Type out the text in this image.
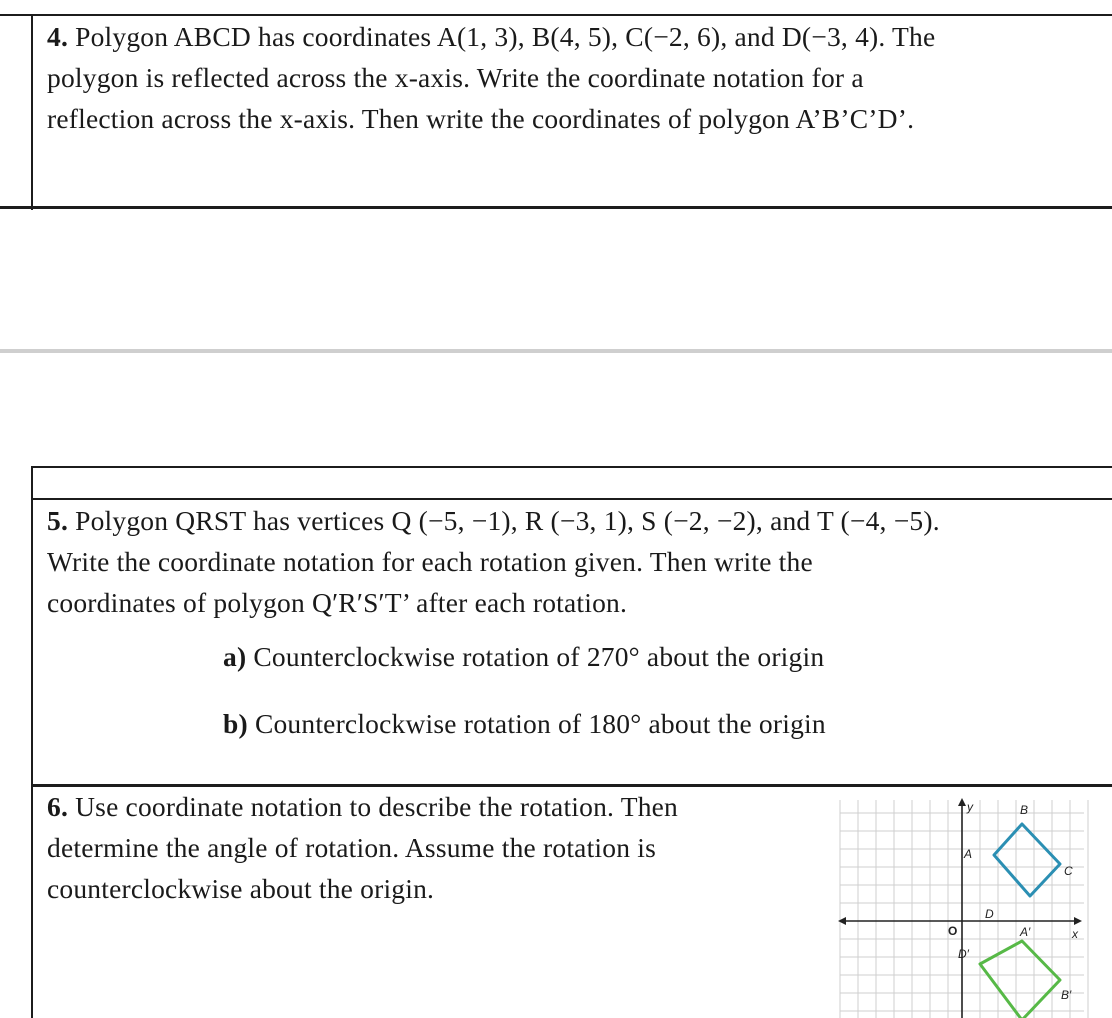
4. Polygon ABCD has coordinates A(1, 3), B(4, 5), C(−2, 6), and D(−3, 4). The
polygon is reflected across the x-axis. Write the coordinate notation for a
reflection across the x-axis. Then write the coordinates of polygon A’B’C’D’.

5. Polygon QRST has vertices Q (−5, −1), R (−3, 1), S (−2, −2), and T (−4, −5).
Write the coordinate notation for each rotation given. Then write the
coordinates of polygon Q′R′S′T’ after each rotation.

a) Counterclockwise rotation of 270° about the origin

b) Counterclockwise rotation of 180° about the origin

6. Use coordinate notation to describe the rotation. Then
determine the angle of rotation. Assume the rotation is
counterclockwise about the origin.

y
x
O
A
B
C
D
A′
B′
D′
